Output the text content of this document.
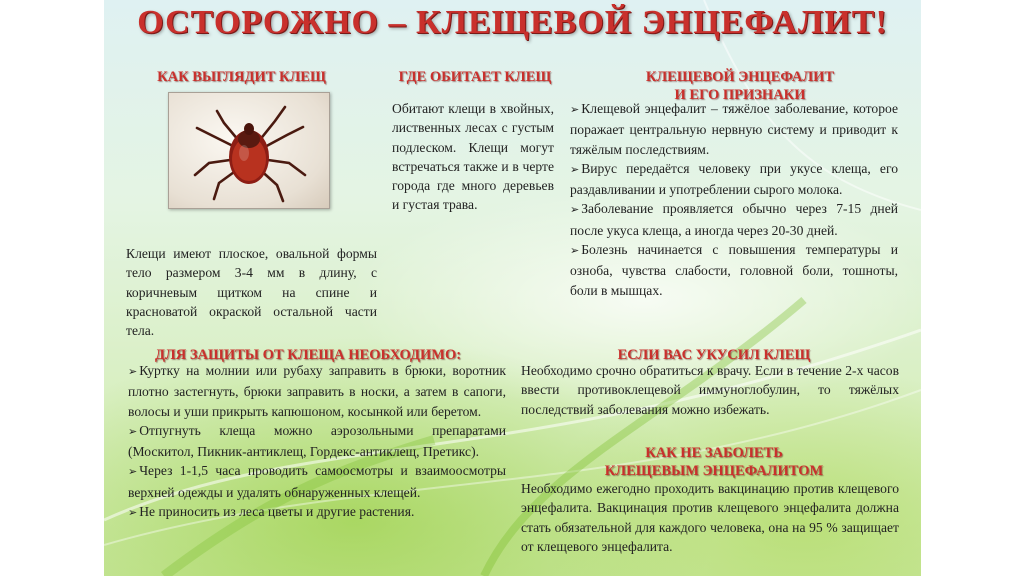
ОСТОРОЖНО – КЛЕЩЕВОЙ ЭНЦЕФАЛИТ!
КАК ВЫГЛЯДИТ КЛЕЩ
Клещи имеют плоское, овальной формы тело размером 3-4 мм в длину, с коричневым щитком на спине и красноватой окраской остальной части тела.
ГДЕ ОБИТАЕТ КЛЕЩ
Обитают клещи в хвойных, лиственных лесах с густым подлеском. Клещи могут встречаться также и в черте города где много деревьев и густая трава.
КЛЕЩЕВОЙ ЭНЦЕФАЛИТ
И ЕГО ПРИЗНАКИ

➢ Клещевой энцефалит – тяжёлое заболевание, которое поражает центральную нервную систему и приводит к тяжёлым последствиям.

➢ Вирус передаётся человеку при укусе клеща, его раздавливании и употреблении сырого молока.

➢ Заболевание проявляется обычно через 7-15 дней после укуса клеща, а иногда через 20-30 дней.

➢ Болезнь начинается с повышения температуры и озноба, чувства слабости, головной боли, тошноты, боли в мышцах.

ДЛЯ ЗАЩИТЫ ОТ КЛЕЩА НЕОБХОДИМО:

➢ Куртку на молнии или рубаху заправить в брюки, воротник плотно застегнуть, брюки заправить в носки, а затем в сапоги, волосы и уши прикрыть капюшоном, косынкой или беретом.

➢ Отпугнуть клеща можно аэрозольными препаратами (Москитол, Пикник-антиклещ, Гордекс-антиклещ, Претикс).

➢ Через 1-1,5 часа проводить самоосмотры и взаимоосмотры верхней одежды и удалять обнаруженных клещей.

➢ Не приносить из леса цветы и другие растения.

ЕСЛИ ВАС УКУСИЛ КЛЕЩ
Необходимо срочно обратиться к врачу. Если в течение 2-х часов ввести противоклещевой иммуноглобулин, то тяжёлых последствий заболевания можно избежать.
КАК НЕ ЗАБОЛЕТЬ
КЛЕЩЕВЫМ ЭНЦЕФАЛИТОМ
Необходимо ежегодно проходить вакцинацию против клещевого энцефалита. Вакцинация против клещевого энцефалита должна стать обязательной для каждого человека, она на 95 % защищает от клещевого энцефалита.
